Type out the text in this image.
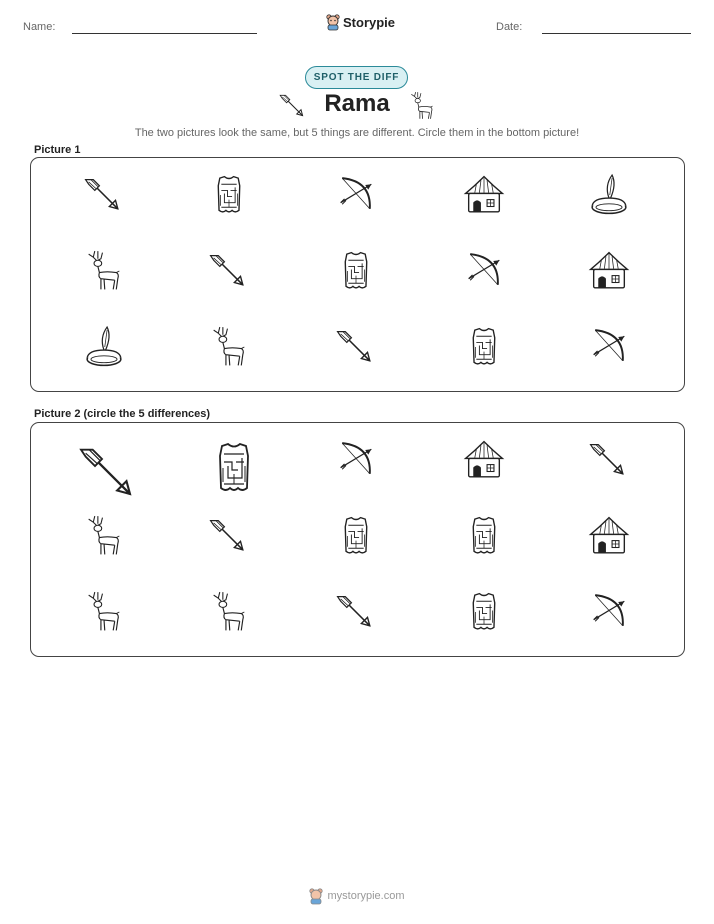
Name:	Storypie	Date:
SPOT THE DIFF
Rama
The two pictures look the same, but 5 things are different. Circle them in the bottom picture!
Picture 1
Picture 2 (circle the 5 differences)
mystorypie.com
